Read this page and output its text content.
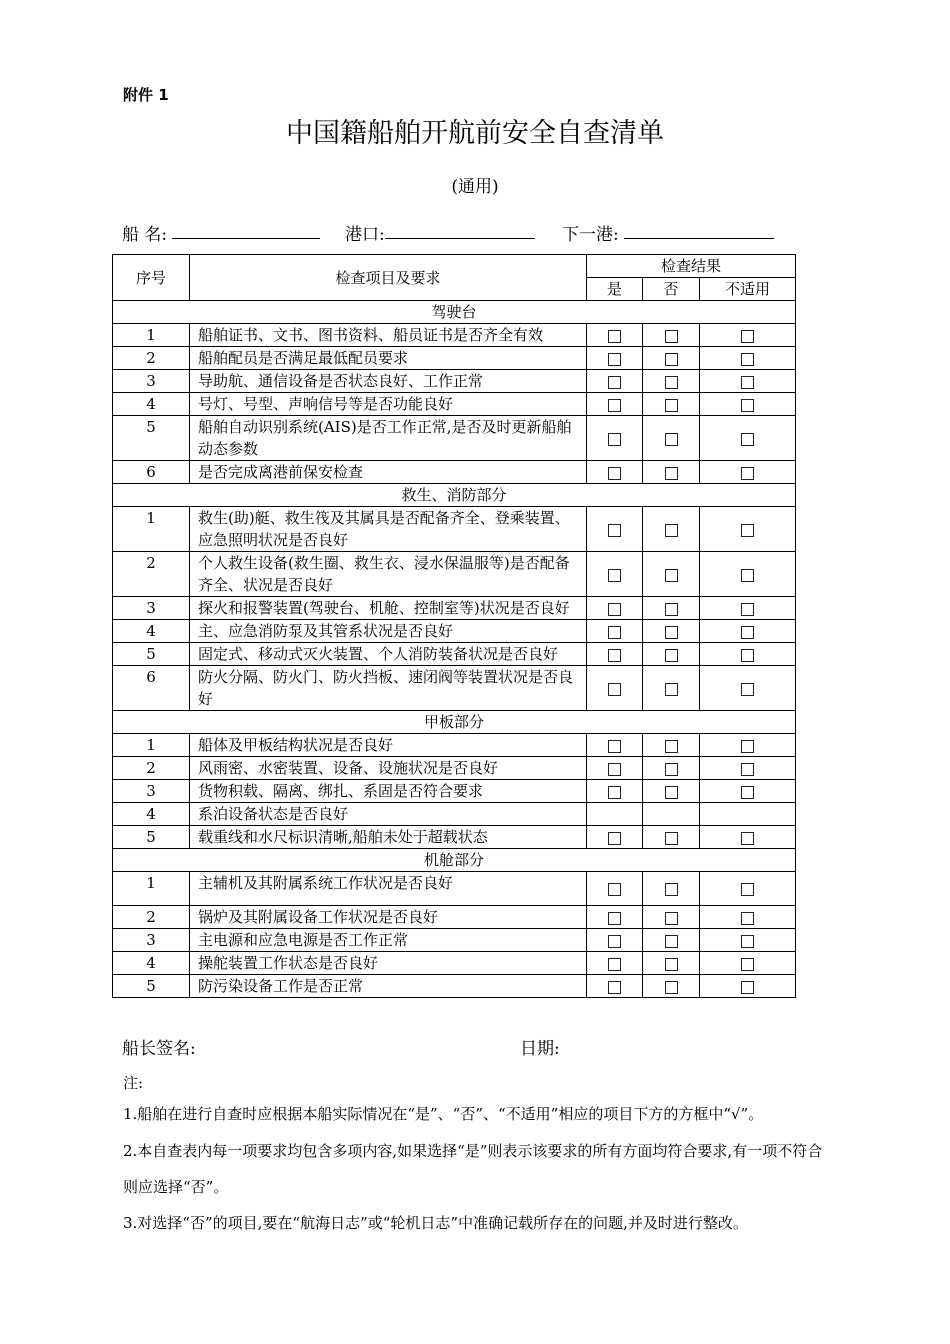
附件 1
中国籍船舶开航前安全自查清单
(通用)
船 名:	港口:	下一港:
序号	检查项目及要求	检查结果		
		是	否	不适用
驾驶台				
1	船舶证书、文书、图书资料、船员证书是否齐全有效			
2	船舶配员是否满足最低配员要求			
3	导助航、通信设备是否状态良好、工作正常			
4	号灯、号型、声响信号等是否功能良好			
5	船舶自动识别系统(AIS)是否工作正常,是否及时更新船舶动态参数			
6	是否完成离港前保安检查			
救生、消防部分				
1	救生(助)艇、救生筏及其属具是否配备齐全、登乘装置、应急照明状况是否良好			
2	个人救生设备(救生圈、救生衣、浸水保温服等)是否配备齐全、状况是否良好			
3	探火和报警装置(驾驶台、机舱、控制室等)状况是否良好			
4	主、应急消防泵及其管系状况是否良好			
5	固定式、移动式灭火装置、个人消防装备状况是否良好			
6	防火分隔、防火门、防火挡板、速闭阀等装置状况是否良好			
甲板部分				
1	船体及甲板结构状况是否良好			
2	风雨密、水密装置、设备、设施状况是否良好			
3	货物积载、隔离、绑扎、系固是否符合要求			
4	系泊设备状态是否良好			
5	载重线和水尺标识清晰,船舶未处于超载状态			
机舱部分				
1	主辅机及其附属系统工作状况是否良好			
2	锅炉及其附属设备工作状况是否良好			
3	主电源和应急电源是否工作正常			
4	操舵装置工作状态是否良好			
5	防污染设备工作是否正常			
船长签名:	日期:
注:
1.船舶在进行自查时应根据本船实际情况在“是”、“否”、“不适用”相应的项目下方的方框中“√”。
2.本自查表内每一项要求均包含多项内容,如果选择“是”则表示该要求的所有方面均符合要求,有一项不符合则应选择“否”。
3.对选择“否”的项目,要在“航海日志”或“轮机日志”中准确记载所存在的问题,并及时进行整改。
